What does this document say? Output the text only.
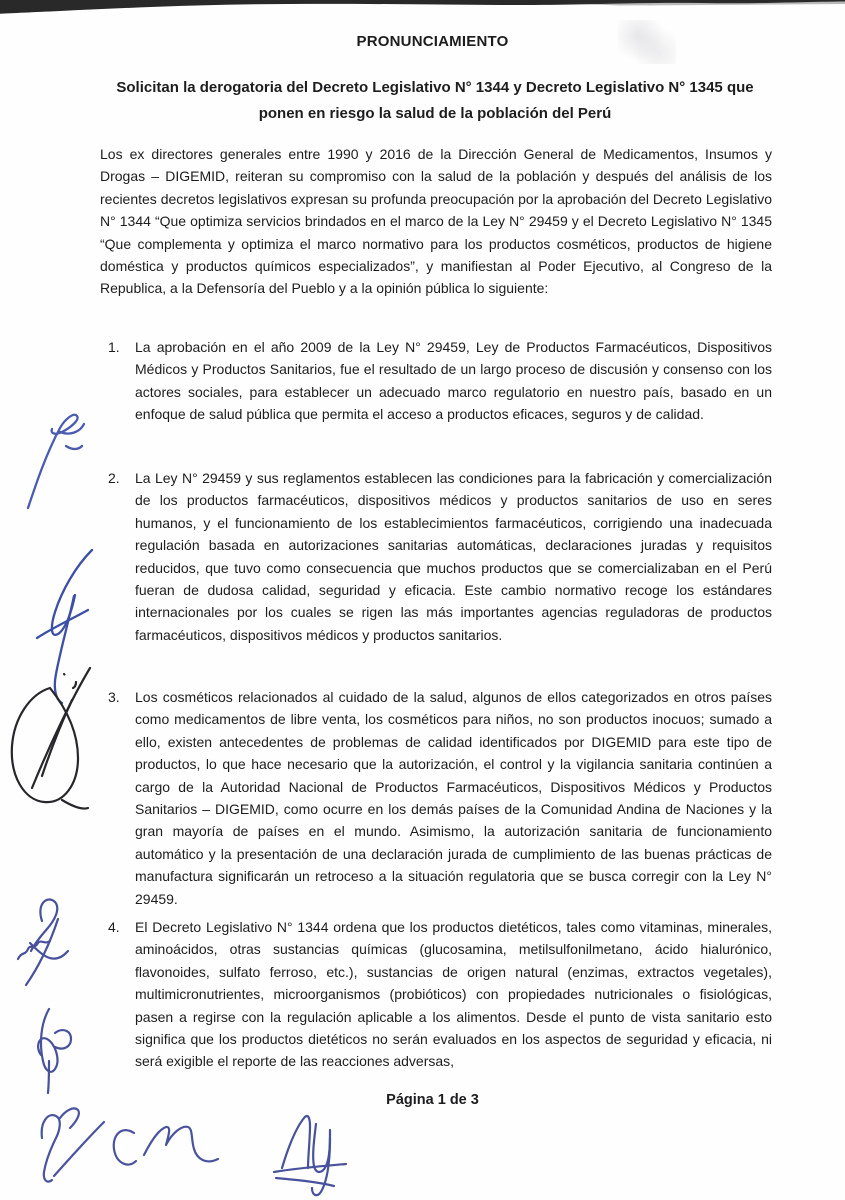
PRONUNCIAMIENTO
Solicitan la derogatoria del Decreto Legislativo N° 1344 y Decreto Legislativo N° 1345 que ponen en riesgo la salud de la población del Perú

Los ex directores generales entre 1990 y 2016 de la Dirección General de Medicamentos, Insumos y Drogas – DIGEMID, reiteran su compromiso con la salud de la población y después del análisis de los recientes decretos legislativos expresan su profunda preocupación por la aprobación del Decreto Legislativo N° 1344 “Que optimiza servicios brindados en el marco de la Ley N° 29459 y el Decreto Legislativo N° 1345 “Que complementa y optimiza el marco normativo para los productos cosméticos, productos de higiene doméstica y productos químicos especializados”, y manifiestan al Poder Ejecutivo, al Congreso de la Republica, a la Defensoría del Pueblo y a la opinión pública lo siguiente:

1.	La aprobación en el año 2009 de la Ley N° 29459, Ley de Productos Farmacéuticos, Dispositivos Médicos y Productos Sanitarios, fue el resultado de un largo proceso de discusión y consenso con los actores sociales, para establecer un adecuado marco regulatorio en nuestro país, basado en un enfoque de salud pública que permita el acceso a productos eficaces, seguros y de calidad.
2.	La Ley N° 29459 y sus reglamentos establecen las condiciones para la fabricación y comercialización de los productos farmacéuticos, dispositivos médicos y productos sanitarios de uso en seres humanos, y el funcionamiento de los establecimientos farmacéuticos, corrigiendo una inadecuada regulación basada en autorizaciones sanitarias automáticas, declaraciones juradas y requisitos reducidos, que tuvo como consecuencia que muchos productos que se comercializaban en el Perú fueran de dudosa calidad, seguridad y eficacia. Este cambio normativo recoge los estándares internacionales por los cuales se rigen las más importantes agencias reguladoras de productos farmacéuticos, dispositivos médicos y productos sanitarios.
3.	Los cosméticos relacionados al cuidado de la salud, algunos de ellos categorizados en otros países como medicamentos de libre venta, los cosméticos para niños, no son productos inocuos; sumado a ello, existen antecedentes de problemas de calidad identificados por DIGEMID para este tipo de productos, lo que hace necesario que la autorización, el control y la vigilancia sanitaria continúen a cargo de la Autoridad Nacional de Productos Farmacéuticos, Dispositivos Médicos y Productos Sanitarios – DIGEMID, como ocurre en los demás países de la Comunidad Andina de Naciones y la gran mayoría de países en el mundo. Asimismo, la autorización sanitaria de funcionamiento automático y la presentación de una declaración jurada de cumplimiento de las buenas prácticas de manufactura significarán un retroceso a la situación regulatoria que se busca corregir con la Ley N° 29459.
4.	El Decreto Legislativo N° 1344 ordena que los productos dietéticos, tales como vitaminas, minerales, aminoácidos, otras sustancias químicas (glucosamina, metilsulfonilmetano, ácido hialurónico, flavonoides, sulfato ferroso, etc.), sustancias de origen natural (enzimas, extractos vegetales), multimicronutrientes, microorganismos (probióticos) con propiedades nutricionales o fisiológicas, pasen a regirse con la regulación aplicable a los alimentos. Desde el punto de vista sanitario esto significa que los productos dietéticos no serán evaluados en los aspectos de seguridad y eficacia, ni será exigible el reporte de las reacciones adversas,
Página 1 de 3
